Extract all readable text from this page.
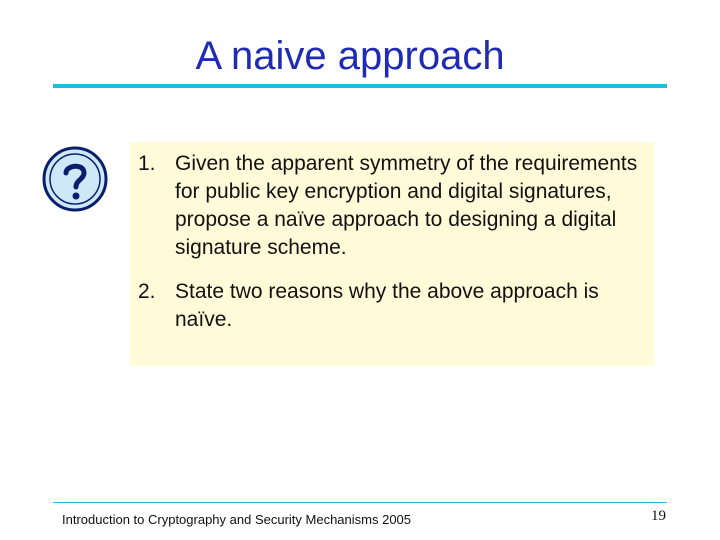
A naive approach
1. Given the apparent symmetry of the requirements for public key encryption and digital signatures, propose a naïve approach to designing a digital signature scheme.
2. State two reasons why the above approach is naïve.
Introduction to Cryptography and Security Mechanisms 2005	19
